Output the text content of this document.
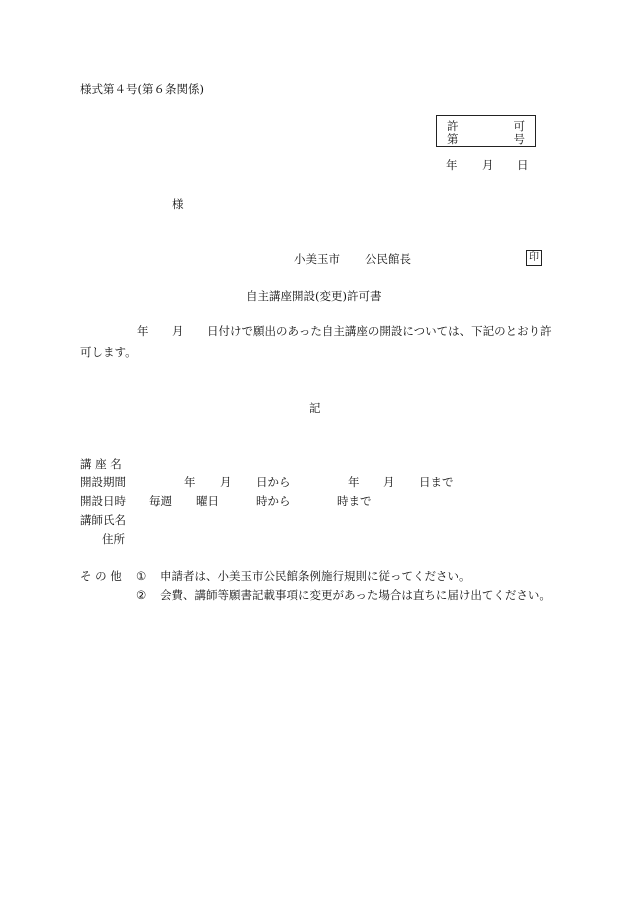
様式第４号(第６条関係)
許	可
第	号
年 月 日
様
小美玉市 公民館長	印
自主講座開設(変更)許可書
年 月 日付けで願出のあった自主講座の開設については、下記のとおり許
可します。
記
講 座 名
開設期間	年 月 日から	年 月 日まで
開設日時 毎週 曜日	時から	時まで
講師氏名
住所
そ の 他 ① 申請者は、小美玉市公民館条例施行規則に従ってください。
② 会費、講師等願書記載事項に変更があった場合は直ちに届け出てください。
